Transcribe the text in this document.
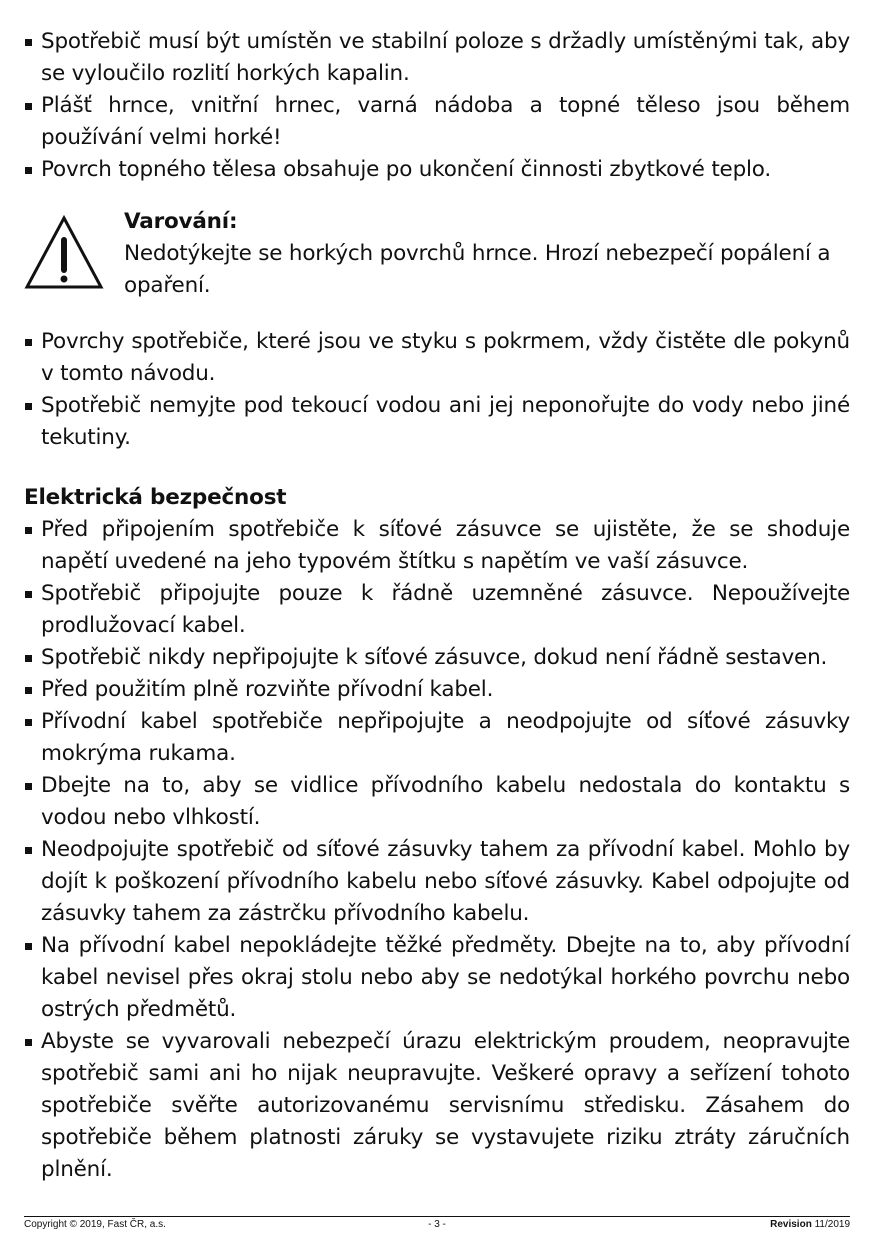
Spotřebič musí být umístěn ve stabilní poloze s držadly umístěnými tak, aby se vyloučilo rozlití horkých kapalin.
Plášť hrnce, vnitřní hrnec, varná nádoba a topné těleso jsou během používání velmi horké!
Povrch topného tělesa obsahuje po ukončení činnosti zbytkové teplo.
Varování:
Nedotýkejte se horkých povrchů hrnce. Hrozí nebezpečí popálení a opaření.
Povrchy spotřebiče, které jsou ve styku s pokrmem, vždy čistěte dle pokynů v tomto návodu.
Spotřebič nemyjte pod tekoucí vodou ani jej neponořujte do vody nebo jiné tekutiny.
Elektrická bezpečnost
Před připojením spotřebiče k síťové zásuvce se ujistěte, že se shoduje napětí uvedené na jeho typovém štítku s napětím ve vaší zásuvce.
Spotřebič připojujte pouze k řádně uzemněné zásuvce. Nepoužívejte prodlužovací kabel.
Spotřebič nikdy nepřipojujte k síťové zásuvce, dokud není řádně sestaven.
Před použitím plně rozviňte přívodní kabel.
Přívodní kabel spotřebiče nepřipojujte a neodpojujte od síťové zásuvky mokrýma rukama.
Dbejte na to, aby se vidlice přívodního kabelu nedostala do kontaktu s vodou nebo vlhkostí.
Neodpojujte spotřebič od síťové zásuvky tahem za přívodní kabel. Mohlo by dojít k poškození přívodního kabelu nebo síťové zásuvky. Kabel odpojujte od zásuvky tahem za zástrčku přívodního kabelu.
Na přívodní kabel nepokládejte těžké předměty. Dbejte na to, aby přívodní kabel nevisel přes okraj stolu nebo aby se nedotýkal horkého povrchu nebo ostrých předmětů.
Abyste se vyvarovali nebezpečí úrazu elektrickým proudem, neopravujte spotřebič sami ani ho nijak neupravujte. Veškeré opravy a seřízení tohoto spotřebiče svěřte autorizovanému servisnímu středisku. Zásahem do spotřebiče během platnosti záruky se vystavujete riziku ztráty záručních plnění.
Copyright © 2019, Fast ČR, a.s.	- 3 -	Revision 11/2019
